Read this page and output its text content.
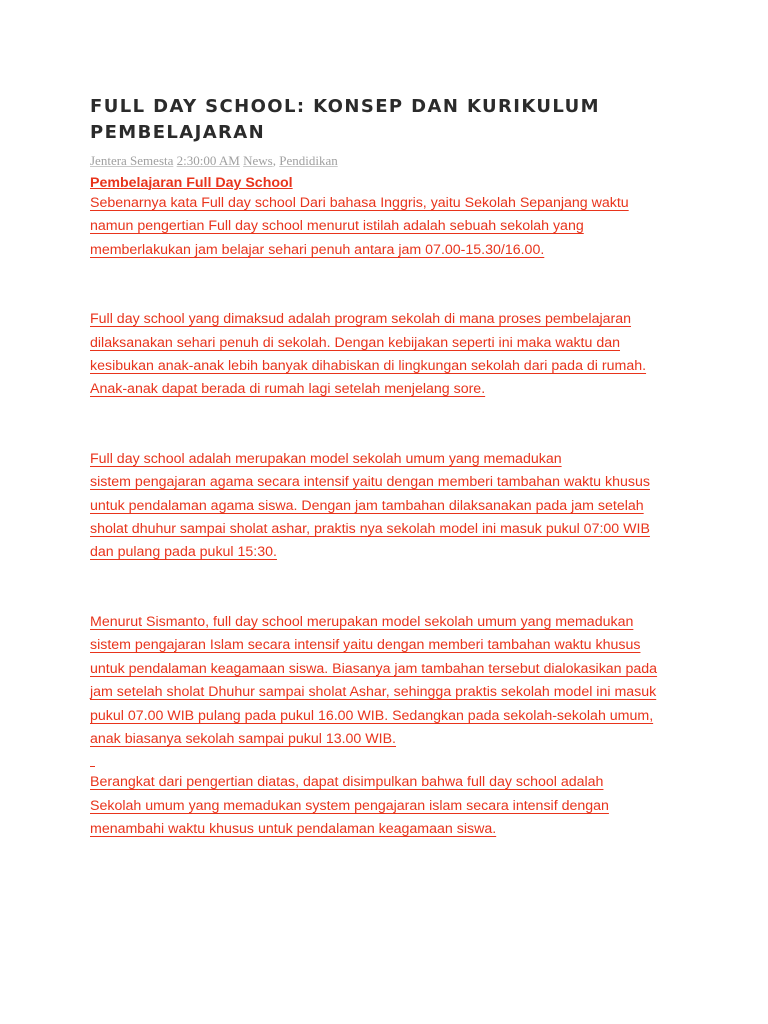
FULL DAY SCHOOL: KONSEP DAN KURIKULUM
PEMBELAJARAN
Jentera Semesta 2:30:00 AM News, Pendidikan
Pembelajaran Full Day School

Sebenarnya kata Full day school Dari bahasa Inggris, yaitu Sekolah Sepanjang waktu
namun pengertian Full day school menurut istilah adalah sebuah sekolah yang
memberlakukan jam belajar sehari penuh antara jam 07.00-15.30/16.00.

Full day school yang dimaksud adalah program sekolah di mana proses pembelajaran
dilaksanakan sehari penuh di sekolah. Dengan kebijakan seperti ini maka waktu dan
kesibukan anak-anak lebih banyak dihabiskan di lingkungan sekolah dari pada di rumah.
Anak-anak dapat berada di rumah lagi setelah menjelang sore.

Full day school adalah merupakan model sekolah umum yang memadukan
sistem pengajaran agama secara intensif yaitu dengan memberi tambahan waktu khusus
untuk pendalaman agama siswa. Dengan jam tambahan dilaksanakan pada jam setelah
sholat dhuhur sampai sholat ashar, praktis nya sekolah model ini masuk pukul 07:00 WIB
dan pulang pada pukul 15:30.

Menurut Sismanto, full day school merupakan model sekolah umum yang memadukan
sistem pengajaran Islam secara intensif yaitu dengan memberi tambahan waktu khusus
untuk pendalaman keagamaan siswa. Biasanya jam tambahan tersebut dialokasikan pada
jam setelah sholat Dhuhur sampai sholat Ashar, sehingga praktis sekolah model ini masuk
pukul 07.00 WIB pulang pada pukul 16.00 WIB. Sedangkan pada sekolah-sekolah umum,
anak biasanya sekolah sampai pukul 13.00 WIB.

Berangkat dari pengertian diatas, dapat disimpulkan bahwa full day school adalah
Sekolah umum yang memadukan system pengajaran islam secara intensif dengan
menambahi waktu khusus untuk pendalaman keagamaan siswa.
